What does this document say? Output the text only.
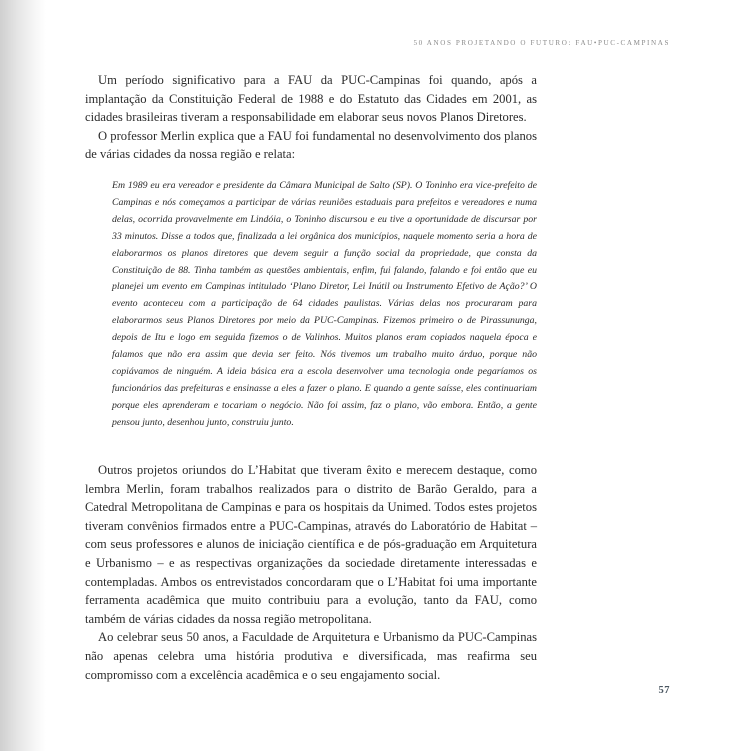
50 ANOS PROJETANDO O FUTURO: FAU•PUC-CAMPINAS

Um período significativo para a FAU da PUC-Campinas foi quando, após a implantação da Constituição Federal de 1988 e do Estatuto das Cidades em 2001, as cidades brasileiras tiveram a responsabilidade em elaborar seus novos Planos Diretores.

O professor Merlin explica que a FAU foi fundamental no desenvolvimento dos planos de várias cidades da nossa região e relata:

Em 1989 eu era vereador e presidente da Câmara Municipal de Salto (SP). O Toninho era vice-prefeito de Campinas e nós começamos a participar de várias reuniões estaduais para prefeitos e vereadores e numa delas, ocorrida provavelmente em Lindóia, o Toninho discursou e eu tive a oportunidade de discursar por 33 minutos. Disse a todos que, finalizada a lei orgânica dos municípios, naquele momento seria a hora de elaborarmos os planos diretores que devem seguir a função social da propriedade, que consta da Constituição de 88. Tinha também as questões ambientais, enfim, fui falando, falando e foi então que eu planejei um evento em Campinas intitulado ‘Plano Diretor, Lei Inútil ou Instrumento Efetivo de Ação?’ O evento aconteceu com a participação de 64 cidades paulistas. Várias delas nos procuraram para elaborarmos seus Planos Diretores por meio da PUC-Campinas. Fizemos primeiro o de Pirassununga, depois de Itu e logo em seguida fizemos o de Valinhos. Muitos planos eram copiados naquela época e falamos que não era assim que devia ser feito. Nós tivemos um trabalho muito árduo, porque não copiávamos de ninguém. A ideia básica era a escola desenvolver uma tecnologia onde pegaríamos os funcionários das prefeituras e ensinasse a eles a fazer o plano. E quando a gente saísse, eles continuariam porque eles aprenderam e tocariam o negócio. Não foi assim, faz o plano, vão embora. Então, a gente pensou junto, desenhou junto, construiu junto.

Outros projetos oriundos do L’Habitat que tiveram êxito e merecem destaque, como lembra Merlin, foram trabalhos realizados para o distrito de Barão Geraldo, para a Catedral Metropolitana de Campinas e para os hospitais da Unimed. Todos estes projetos tiveram convênios firmados entre a PUC-Campinas, através do Laboratório de Habitat – com seus professores e alunos de iniciação científica e de pós-graduação em Arquitetura e Urbanismo – e as respectivas organizações da sociedade diretamente interessadas e contempladas. Ambos os entrevistados concordaram que o L’Habitat foi uma importante ferramenta acadêmica que muito contribuiu para a evolução, tanto da FAU, como também de várias cidades da nossa região metropolitana.

Ao celebrar seus 50 anos, a Faculdade de Arquitetura e Urbanismo da PUC-Campinas não apenas celebra uma história produtiva e diversificada, mas reafirma seu compromisso com a excelência acadêmica e o seu engajamento social.

57
